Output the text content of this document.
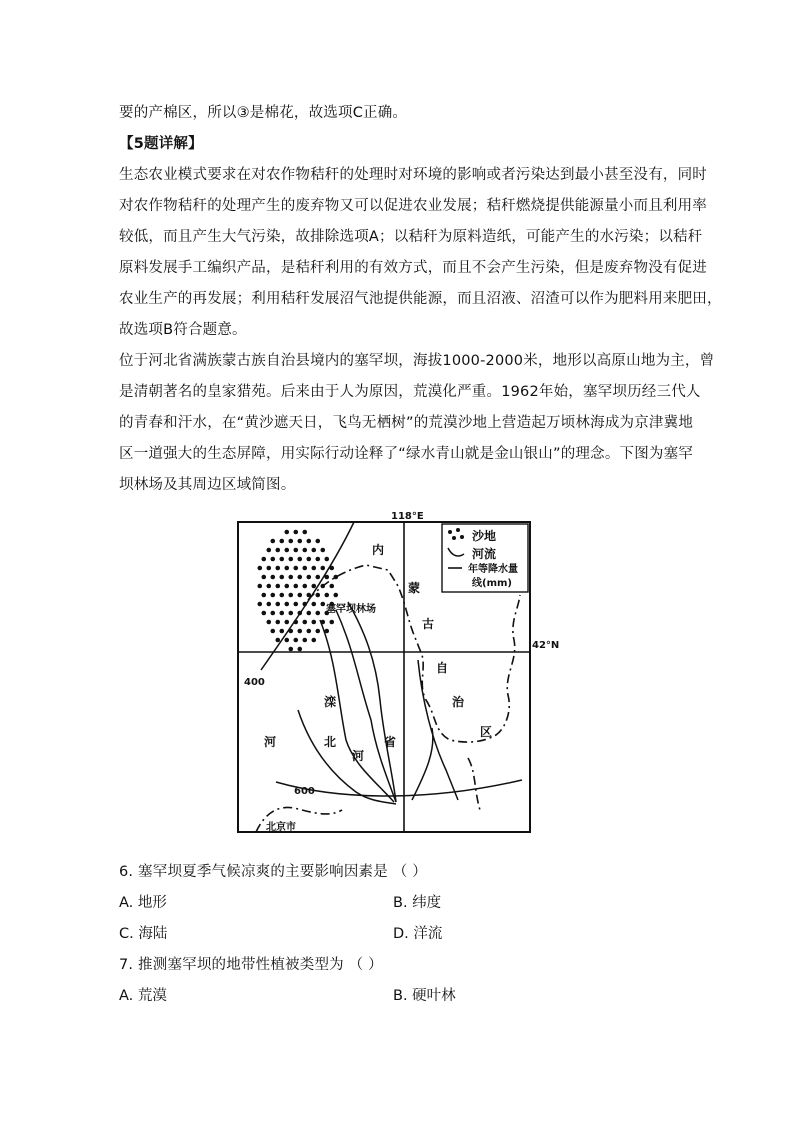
要的产棉区，所以③是棉花，故选项C正确。
【5题详解】
生态农业模式要求在对农作物秸秆的处理时对环境的影响或者污染达到最小甚至没有，同时
对农作物秸秆的处理产生的废弃物又可以促进农业发展；秸秆燃烧提供能源量小而且利用率
较低，而且产生大气污染，故排除选项A；以秸秆为原料造纸，可能产生的水污染；以秸秆
原料发展手工编织产品，是秸秆利用的有效方式，而且不会产生污染，但是废弃物没有促进
农业生产的再发展；利用秸秆发展沼气池提供能源，而且沼液、沼渣可以作为肥料用来肥田，
故选项B符合题意。
位于河北省满族蒙古族自治县境内的塞罕坝，海拔1000-2000米，地形以高原山地为主，曾
是清朝著名的皇家猎苑。后来由于人为原因，荒漠化严重。1962年始，塞罕坝历经三代人
的青春和汗水，在“黄沙遮天日，飞鸟无栖树”的荒漠沙地上营造起万顷林海成为京津冀地
区一道强大的生态屏障，用实际行动诠释了“绿水青山就是金山银山”的理念。下图为塞罕
坝林场及其周边区域简图。
118°E
42°N
400
600
沙地
河流
年等降水量
线(mm)
内
蒙
古
自
治
区
塞罕坝林场
河
滦
北
河
省
北京市
6. 塞罕坝夏季气候凉爽的主要影响因素是 （ ）
A. 地形	B. 纬度
C. 海陆	D. 洋流
7. 推测塞罕坝的地带性植被类型为 （ ）
A. 荒漠	B. 硬叶林
